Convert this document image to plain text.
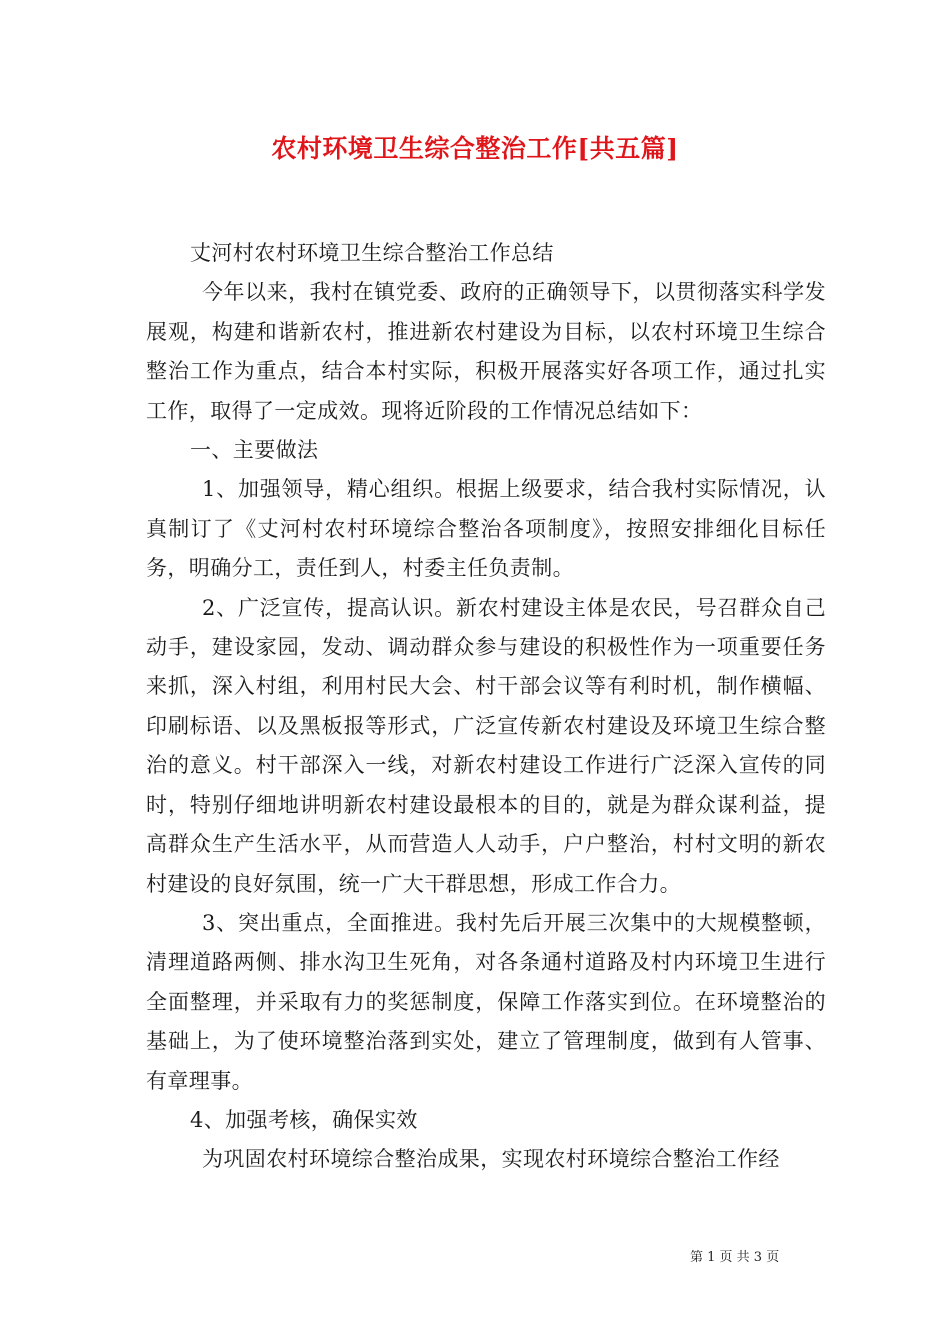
农村环境卫生综合整治工作[共五篇]

丈河村农村环境卫生综合整治工作总结

今年以来，我村在镇党委、政府的正确领导下，以贯彻落实科学发展观，构建和谐新农村，推进新农村建设为目标，以农村环境卫生综合整治工作为重点，结合本村实际，积极开展落实好各项工作，通过扎实工作，取得了一定成效。现将近阶段的工作情况总结如下：

一、主要做法

1、加强领导，精心组织。根据上级要求，结合我村实际情况，认真制订了《丈河村农村环境综合整治各项制度》，按照安排细化目标任务，明确分工，责任到人，村委主任负责制。

2、广泛宣传，提高认识。新农村建设主体是农民，号召群众自己动手，建设家园，发动、调动群众参与建设的积极性作为一项重要任务来抓，深入村组，利用村民大会、村干部会议等有利时机，制作横幅、印刷标语、以及黑板报等形式，广泛宣传新农村建设及环境卫生综合整治的意义。村干部深入一线，对新农村建设工作进行广泛深入宣传的同时，特别仔细地讲明新农村建设最根本的目的，就是为群众谋利益，提高群众生产生活水平，从而营造人人动手，户户整治，村村文明的新农村建设的良好氛围，统一广大干群思想，形成工作合力。

3、突出重点，全面推进。我村先后开展三次集中的大规模整顿，清理道路两侧、排水沟卫生死角，对各条通村道路及村内环境卫生进行全面整理，并采取有力的奖惩制度，保障工作落实到位。在环境整治的基础上，为了使环境整治落到实处，建立了管理制度，做到有人管事、有章理事。

4、加强考核，确保实效

为巩固农村环境综合整治成果，实现农村环境综合整治工作经

第 1 页 共 3 页
